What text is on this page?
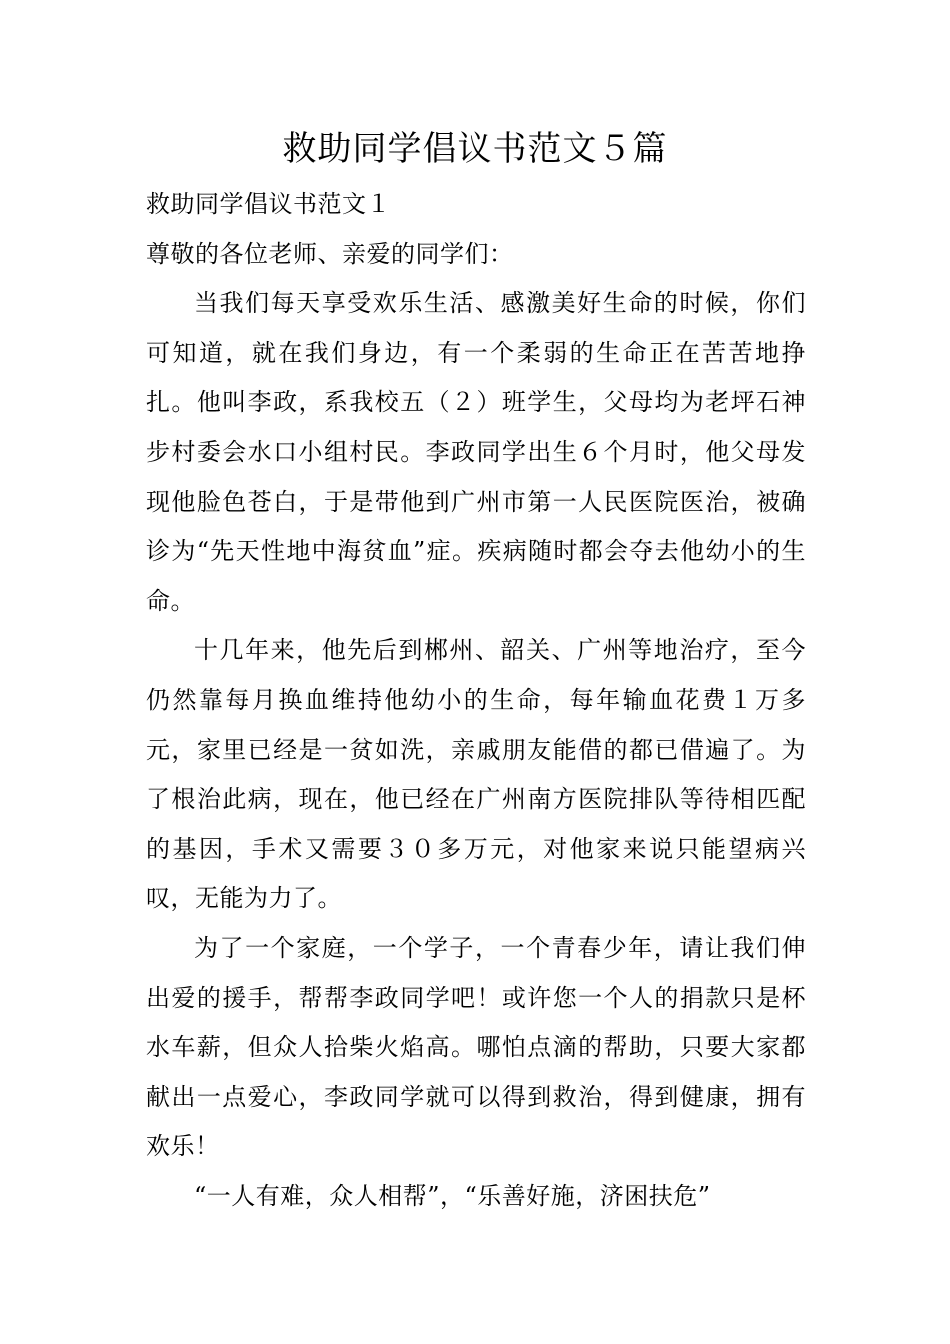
救助同学倡议书范文５篇

救助同学倡议书范文１

尊敬的各位老师、亲爱的同学们：

当我们每天享受欢乐生活、感激美好生命的时候，你们可知道，就在我们身边，有一个柔弱的生命正在苦苦地挣扎。他叫李政，系我校五（２）班学生，父母均为老坪石神步村委会水口小组村民。李政同学出生６个月时，他父母发现他脸色苍白，于是带他到广州市第一人民医院医治，被确诊为“先天性地中海贫血”症。疾病随时都会夺去他幼小的生命。

十几年来，他先后到郴州、韶关、广州等地治疗，至今仍然靠每月换血维持他幼小的生命，每年输血花费１万多元，家里已经是一贫如洗，亲戚朋友能借的都已借遍了。为了根治此病，现在，他已经在广州南方医院排队等待相匹配的基因，手术又需要３０多万元，对他家来说只能望病兴叹，无能为力了。

为了一个家庭，一个学子，一个青春少年，请让我们伸出爱的援手，帮帮李政同学吧！或许您一个人的捐款只是杯水车薪，但众人拾柴火焰高。哪怕点滴的帮助，只要大家都献出一点爱心，李政同学就可以得到救治，得到健康，拥有欢乐！

“一人有难，众人相帮”，“乐善好施，济困扶危”
